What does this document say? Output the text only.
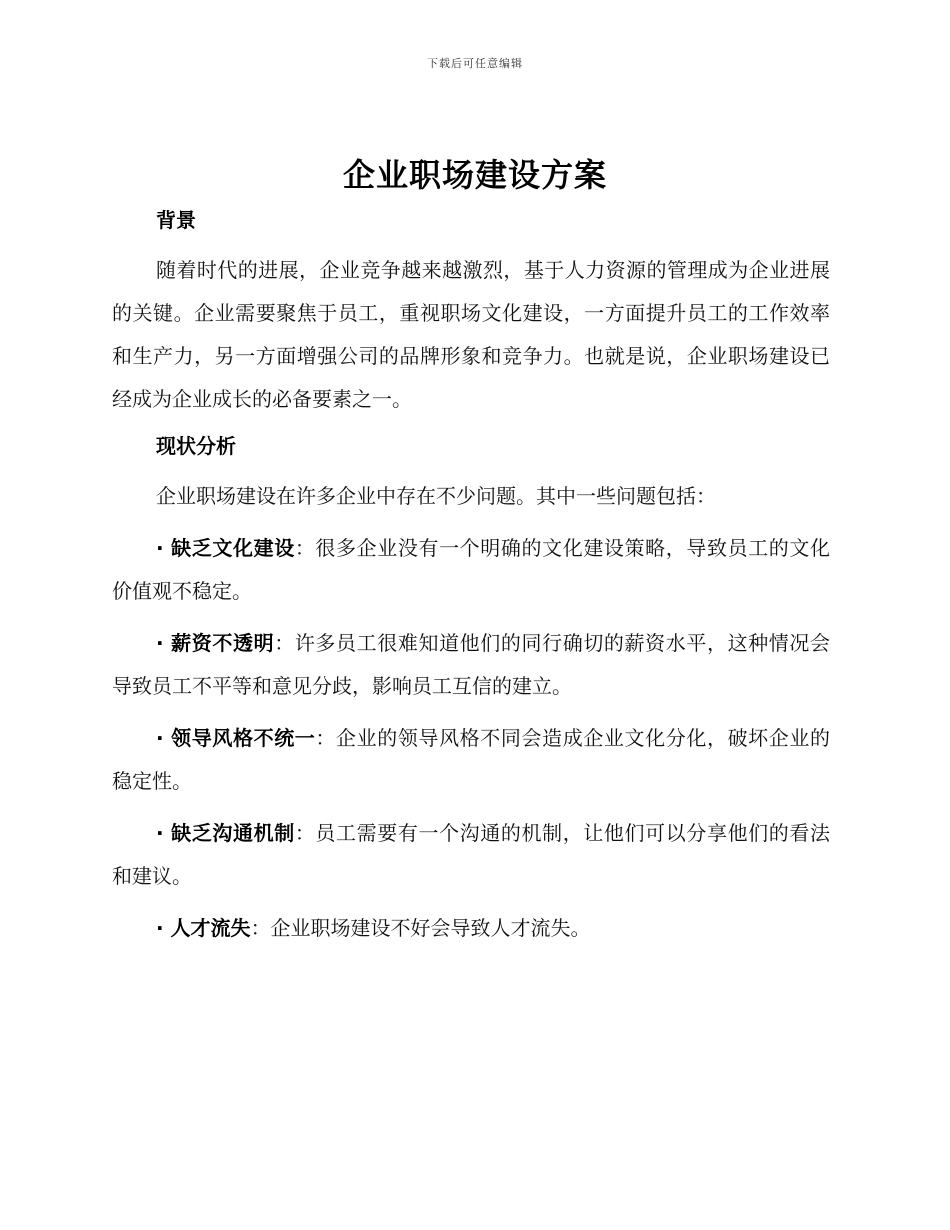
下载后可任意编辑
企业职场建设方案

背景

随着时代的进展，企业竞争越来越激烈，基于人力资源的管理成为企业进展的关键。企业需要聚焦于员工，重视职场文化建设，一方面提升员工的工作效率和生产力，另一方面增强公司的品牌形象和竞争力。也就是说，企业职场建设已经成为企业成长的必备要素之一。

现状分析

企业职场建设在许多企业中存在不少问题。其中一些问题包括：

· 缺乏文化建设：很多企业没有一个明确的文化建设策略，导致员工的文化价值观不稳定。

· 薪资不透明：许多员工很难知道他们的同行确切的薪资水平，这种情况会导致员工不平等和意见分歧，影响员工互信的建立。

· 领导风格不统一：企业的领导风格不同会造成企业文化分化，破坏企业的稳定性。

· 缺乏沟通机制：员工需要有一个沟通的机制，让他们可以分享他们的看法和建议。

· 人才流失：企业职场建设不好会导致人才流失。
